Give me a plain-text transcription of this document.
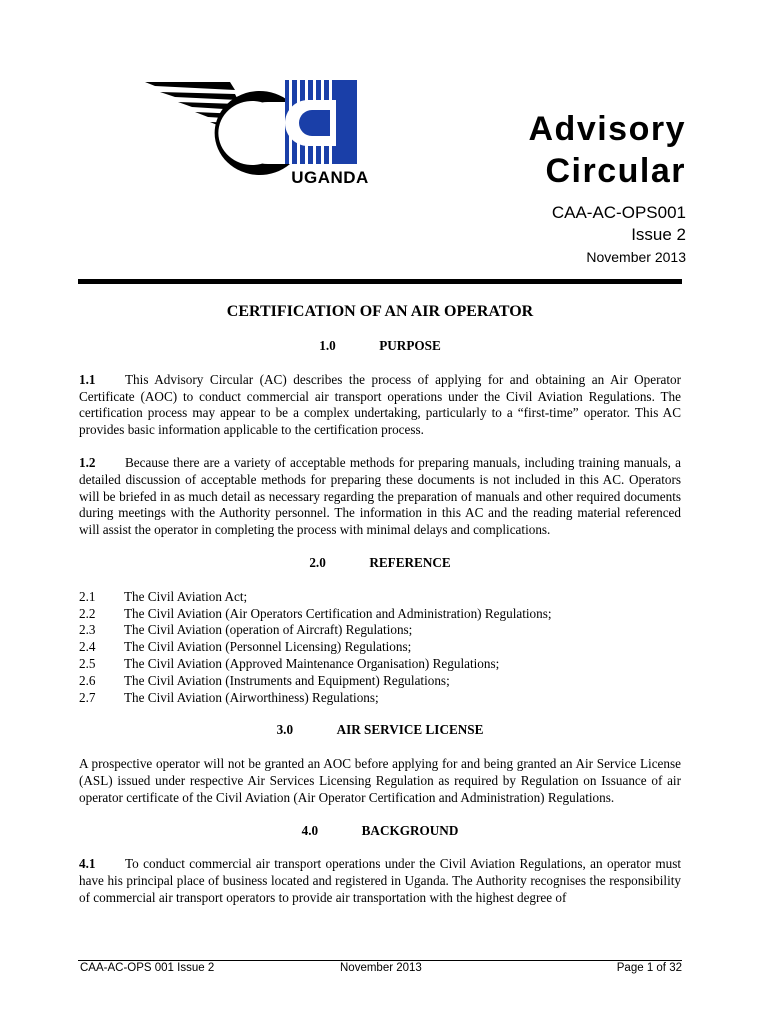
UGANDA
Advisory
Circular
CAA-AC-OPS001
Issue 2
November 2013
CERTIFICATION OF AN AIR OPERATOR
1.0	PURPOSE

1.1 This Advisory Circular (AC) describes the process of applying for and obtaining an Air Operator Certificate (AOC) to conduct commercial air transport operations under the Civil Aviation Regulations. The certification process may appear to be a complex undertaking, particularly to a “first-time” operator. This AC provides basic information applicable to the certification process.

1.2 Because there are a variety of acceptable methods for preparing manuals, including training manuals, a detailed discussion of acceptable methods for preparing these documents is not included in this AC. Operators will be briefed in as much detail as necessary regarding the preparation of manuals and other required documents during meetings with the Authority personnel. The information in this AC and the reading material referenced will assist the operator in completing the process with minimal delays and complications.

2.0	REFERENCE
2.1	The Civil Aviation Act;
2.2	The Civil Aviation (Air Operators Certification and Administration) Regulations;
2.3	The Civil Aviation (operation of Aircraft) Regulations;
2.4	The Civil Aviation (Personnel Licensing) Regulations;
2.5	The Civil Aviation (Approved Maintenance Organisation) Regulations;
2.6	The Civil Aviation (Instruments and Equipment) Regulations;
2.7	The Civil Aviation (Airworthiness) Regulations;
3.0	AIR SERVICE LICENSE

A prospective operator will not be granted an AOC before applying for and being granted an Air Service License (ASL) issued under respective Air Services Licensing Regulation as required by Regulation on Issuance of air operator certificate of the Civil Aviation (Air Operator Certification and Administration) Regulations.

4.0	BACKGROUND

4.1 To conduct commercial air transport operations under the Civil Aviation Regulations, an operator must have his principal place of business located and registered in Uganda. The Authority recognises the responsibility of commercial air transport operators to provide air transportation with the highest degree of

CAA-AC-OPS 001 Issue 2	November 2013	Page 1 of 32
